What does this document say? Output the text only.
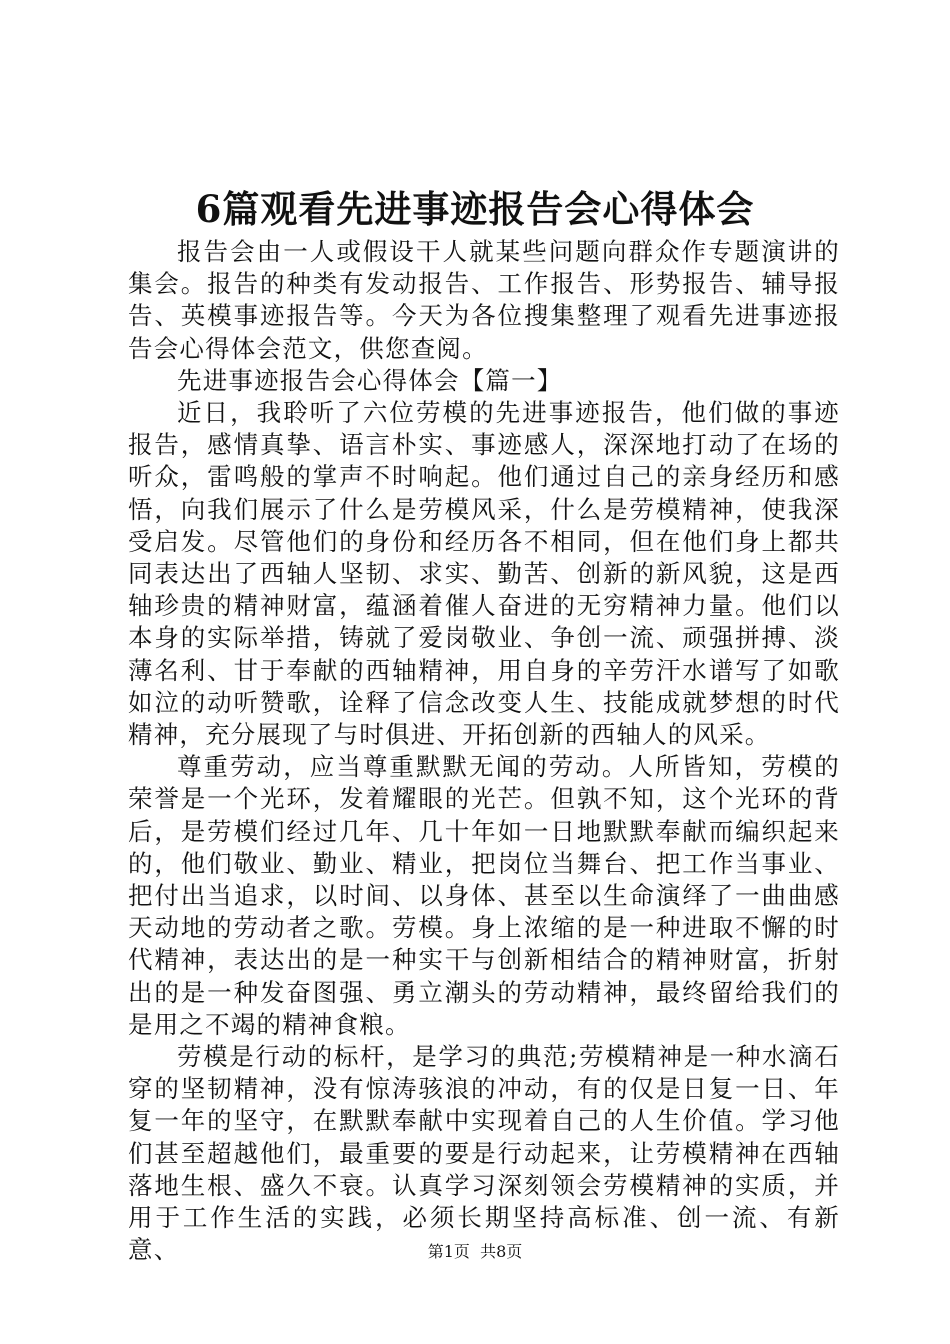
6篇观看先进事迹报告会心得体会

报告会由一人或假设干人就某些问题向群众作专题演讲的集会。报告的种类有发动报告、工作报告、形势报告、辅导报告、英模事迹报告等。今天为各位搜集整理了观看先进事迹报告会心得体会范文，供您查阅。

先进事迹报告会心得体会【篇一】

近日，我聆听了六位劳模的先进事迹报告，他们做的事迹报告，感情真挚、语言朴实、事迹感人，深深地打动了在场的听众，雷鸣般的掌声不时响起。他们通过自己的亲身经历和感悟，向我们展示了什么是劳模风采，什么是劳模精神，使我深受启发。尽管他们的身份和经历各不相同，但在他们身上都共同表达出了西轴人坚韧、求实、勤苦、创新的新风貌，这是西轴珍贵的精神财富，蕴涵着催人奋进的无穷精神力量。他们以本身的实际举措，铸就了爱岗敬业、争创一流、顽强拼搏、淡薄名利、甘于奉献的西轴精神，用自身的辛劳汗水谱写了如歌如泣的动听赞歌，诠释了信念改变人生、技能成就梦想的时代精神，充分展现了与时俱进、开拓创新的西轴人的风采。

尊重劳动，应当尊重默默无闻的劳动。人所皆知，劳模的荣誉是一个光环，发着耀眼的光芒。但孰不知，这个光环的背后，是劳模们经过几年、几十年如一日地默默奉献而编织起来的，他们敬业、勤业、精业，把岗位当舞台、把工作当事业、把付出当追求，以时间、以身体、甚至以生命演绎了一曲曲感天动地的劳动者之歌。劳模。身上浓缩的是一种进取不懈的时代精神，表达出的是一种实干与创新相结合的精神财富，折射出的是一种发奋图强、勇立潮头的劳动精神，最终留给我们的是用之不竭的精神食粮。

劳模是行动的标杆，是学习的典范;劳模精神是一种水滴石穿的坚韧精神，没有惊涛骇浪的冲动，有的仅是日复一日、年复一年的坚守，在默默奉献中实现着自己的人生价值。学习他们甚至超越他们，最重要的要是行动起来，让劳模精神在西轴落地生根、盛久不衰。认真学习深刻领会劳模精神的实质，并用于工作生活的实践，必须长期坚持高标准、创一流、有新意、	第1页 共8页
